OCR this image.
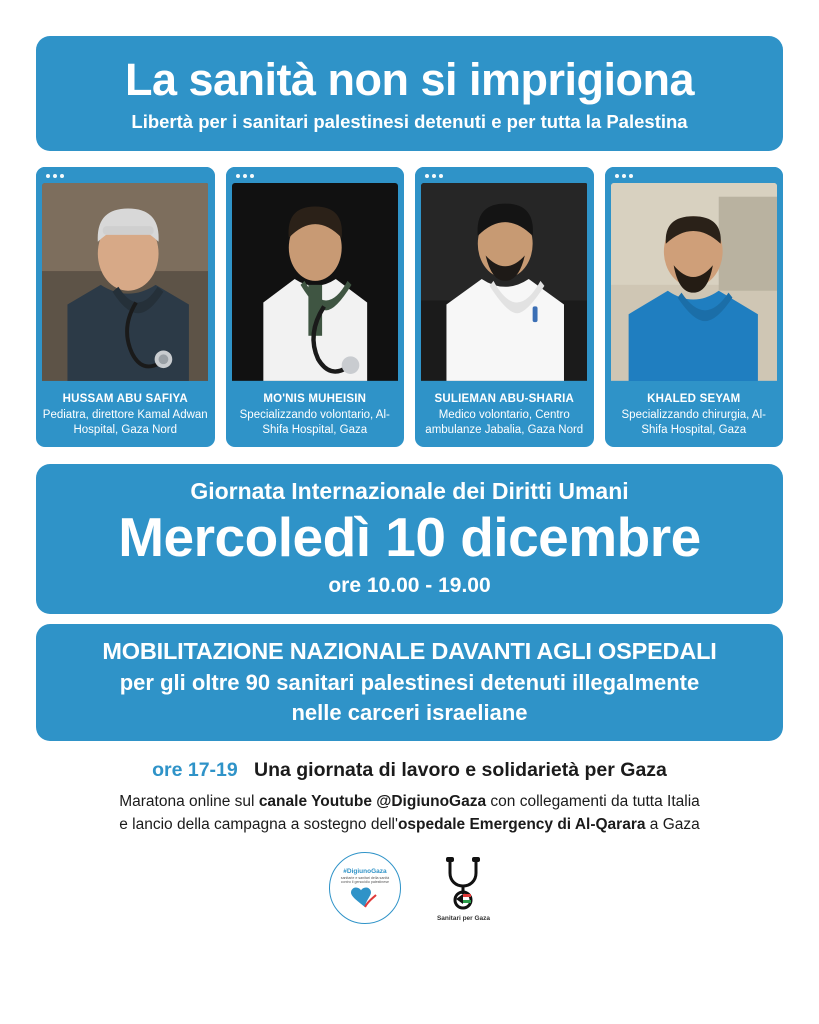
La sanità non si imprigiona
Libertà per i sanitari palestinesi detenuti e per tutta la Palestina
HUSSAM ABU SAFIYA
Pediatra, direttore Kamal Adwan Hospital, Gaza Nord
MO'NIS MUHEISIN
Specializzando volontario, Al-Shifa Hospital, Gaza
SULIEMAN ABU-SHARIA
Medico volontario, Centro ambulanze Jabalia, Gaza Nord
KHALED SEYAM
Specializzando chirurgia, Al-Shifa Hospital, Gaza
Giornata Internazionale dei Diritti Umani
Mercoledì 10 dicembre
ore 10.00 - 19.00
MOBILITAZIONE NAZIONALE DAVANTI AGLI OSPEDALI
per gli oltre 90 sanitari palestinesi detenuti illegalmente
nelle carceri israeliane
ore 17-19 Una giornata di lavoro e solidarietà per Gaza
Maratona online sul canale Youtube @DigiunoGaza con collegamenti da tutta Italia
e lancio della campagna a sostegno dell'ospedale Emergency di Al-Qarara a Gaza
#DigiunoGaza
sanitarie e sanitari della sanità contro il genocidio palestinese
Sanitari per Gaza
